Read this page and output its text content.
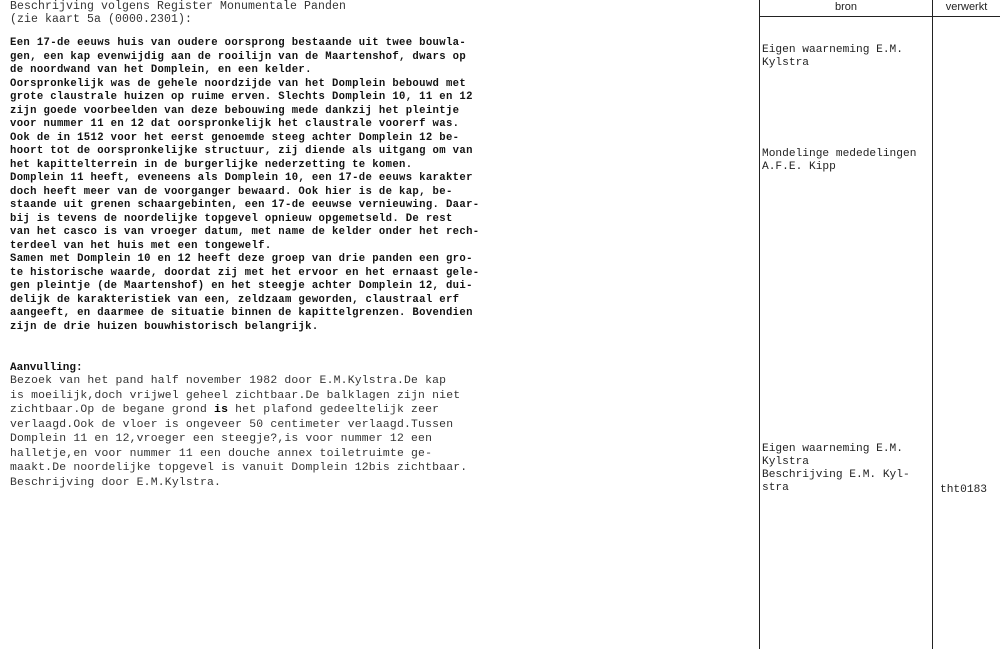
Beschrijving volgens Register Monumentale Panden
(zie kaart 5a (0000.2301):
Een 17-de eeuws huis van oudere oorsprong bestaande uit twee bouwla-
gen, een kap evenwijdig aan de rooilijn van de Maartenshof, dwars op
de noordwand van het Domplein, en een kelder.
Oorspronkelijk was de gehele noordzijde van het Domplein bebouwd met
grote claustrale huizen op ruime erven. Slechts Domplein 10, 11 en 12
zijn goede voorbeelden van deze bebouwing mede dankzij het pleintje
voor nummer 11 en 12 dat oorspronkelijk het claustrale voorerf was.
Ook de in 1512 voor het eerst genoemde steeg achter Domplein 12 be-
hoort tot de oorspronkelijke structuur, zij diende als uitgang om van
het kapittelterrein in de burgerlijke nederzetting te komen.
Domplein 11 heeft, eveneens als Domplein 10, een 17-de eeuws karakter
doch heeft meer van de voorganger bewaard. Ook hier is de kap, be-
staande uit grenen schaargebinten, een 17-de eeuwse vernieuwing. Daar-
bij is tevens de noordelijke topgevel opnieuw opgemetseld. De rest
van het casco is van vroeger datum, met name de kelder onder het rech-
terdeel van het huis met een tongewelf.
Samen met Domplein 10 en 12 heeft deze groep van drie panden een gro-
te historische waarde, doordat zij met het ervoor en het ernaast gele-
gen pleintje (de Maartenshof) en het steegje achter Domplein 12, dui-
delijk de karakteristiek van een, zeldzaam geworden, claustraal erf
aangeeft, en daarmee de situatie binnen de kapittelgrenzen. Bovendien
zijn de drie huizen bouwhistorisch belangrijk.
Aanvulling:
Bezoek van het pand half november 1982 door E.M.Kylstra.De kap
is moeilijk,doch vrijwel geheel zichtbaar.De balklagen zijn niet
zichtbaar.Op de begane grond is het plafond gedeeltelijk zeer
verlaagd.Ook de vloer is ongeveer 50 centimeter verlaagd.Tussen
Domplein 11 en 12,vroeger een steegje?,is voor nummer 12 een
halletje,en voor nummer 11 een douche annex toiletruimte ge-
maakt.De noordelijke topgevel is vanuit Domplein 12bis zichtbaar.
Beschrijving door E.M.Kylstra.
bron	verwerkt
Eigen waarneming E.M.
Kylstra
Mondelinge mededelingen
A.F.E. Kipp
Eigen waarneming E.M.
Kylstra
Beschrijving E.M. Kyl-
stra	tht0183
